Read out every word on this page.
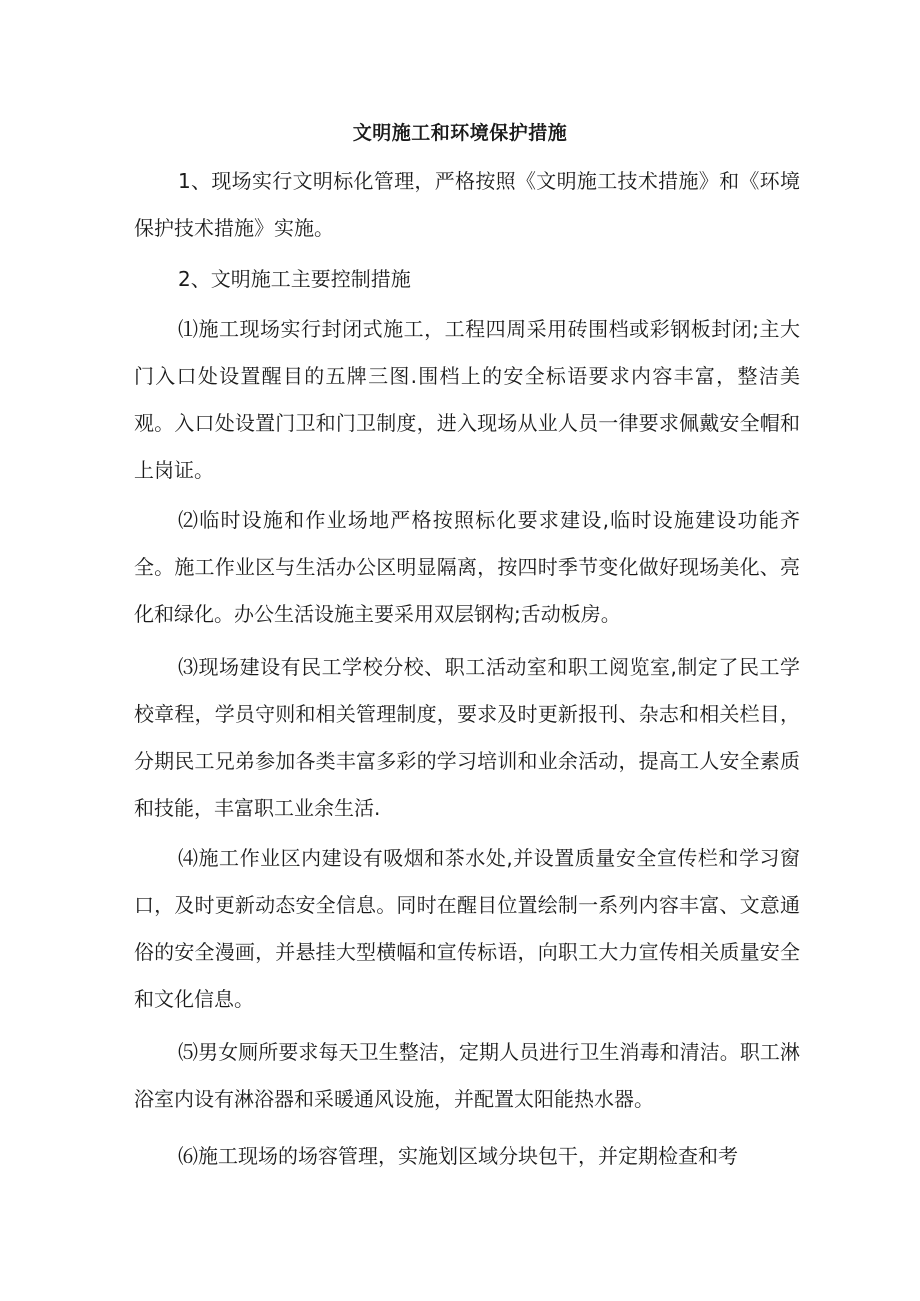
文明施工和环境保护措施

1、现场实行文明标化管理，严格按照《文明施工技术措施》和《环境保护技术措施》实施。

2、文明施工主要控制措施

⑴施工现场实行封闭式施工，工程四周采用砖围档或彩钢板封闭;主大门入口处设置醒目的五牌三图.围档上的安全标语要求内容丰富，整洁美观。入口处设置门卫和门卫制度，进入现场从业人员一律要求佩戴安全帽和上岗证。

⑵临时设施和作业场地严格按照标化要求建设,临时设施建设功能齐全。施工作业区与生活办公区明显隔离，按四时季节变化做好现场美化、亮化和绿化。办公生活设施主要采用双层钢构;舌动板房。

⑶现场建设有民工学校分校、职工活动室和职工阅览室,制定了民工学校章程，学员守则和相关管理制度，要求及时更新报刊、杂志和相关栏目，分期民工兄弟参加各类丰富多彩的学习培训和业余活动，提高工人安全素质和技能，丰富职工业余生活.

⑷施工作业区内建设有吸烟和茶水处,并设置质量安全宣传栏和学习窗口，及时更新动态安全信息。同时在醒目位置绘制一系列内容丰富、文意通俗的安全漫画，并悬挂大型横幅和宣传标语，向职工大力宣传相关质量安全和文化信息。

⑸男女厕所要求每天卫生整洁，定期人员进行卫生消毒和清洁。职工淋浴室内设有淋浴器和采暖通风设施，并配置太阳能热水器。

⑹施工现场的场容管理，实施划区域分块包干，并定期检查和考
